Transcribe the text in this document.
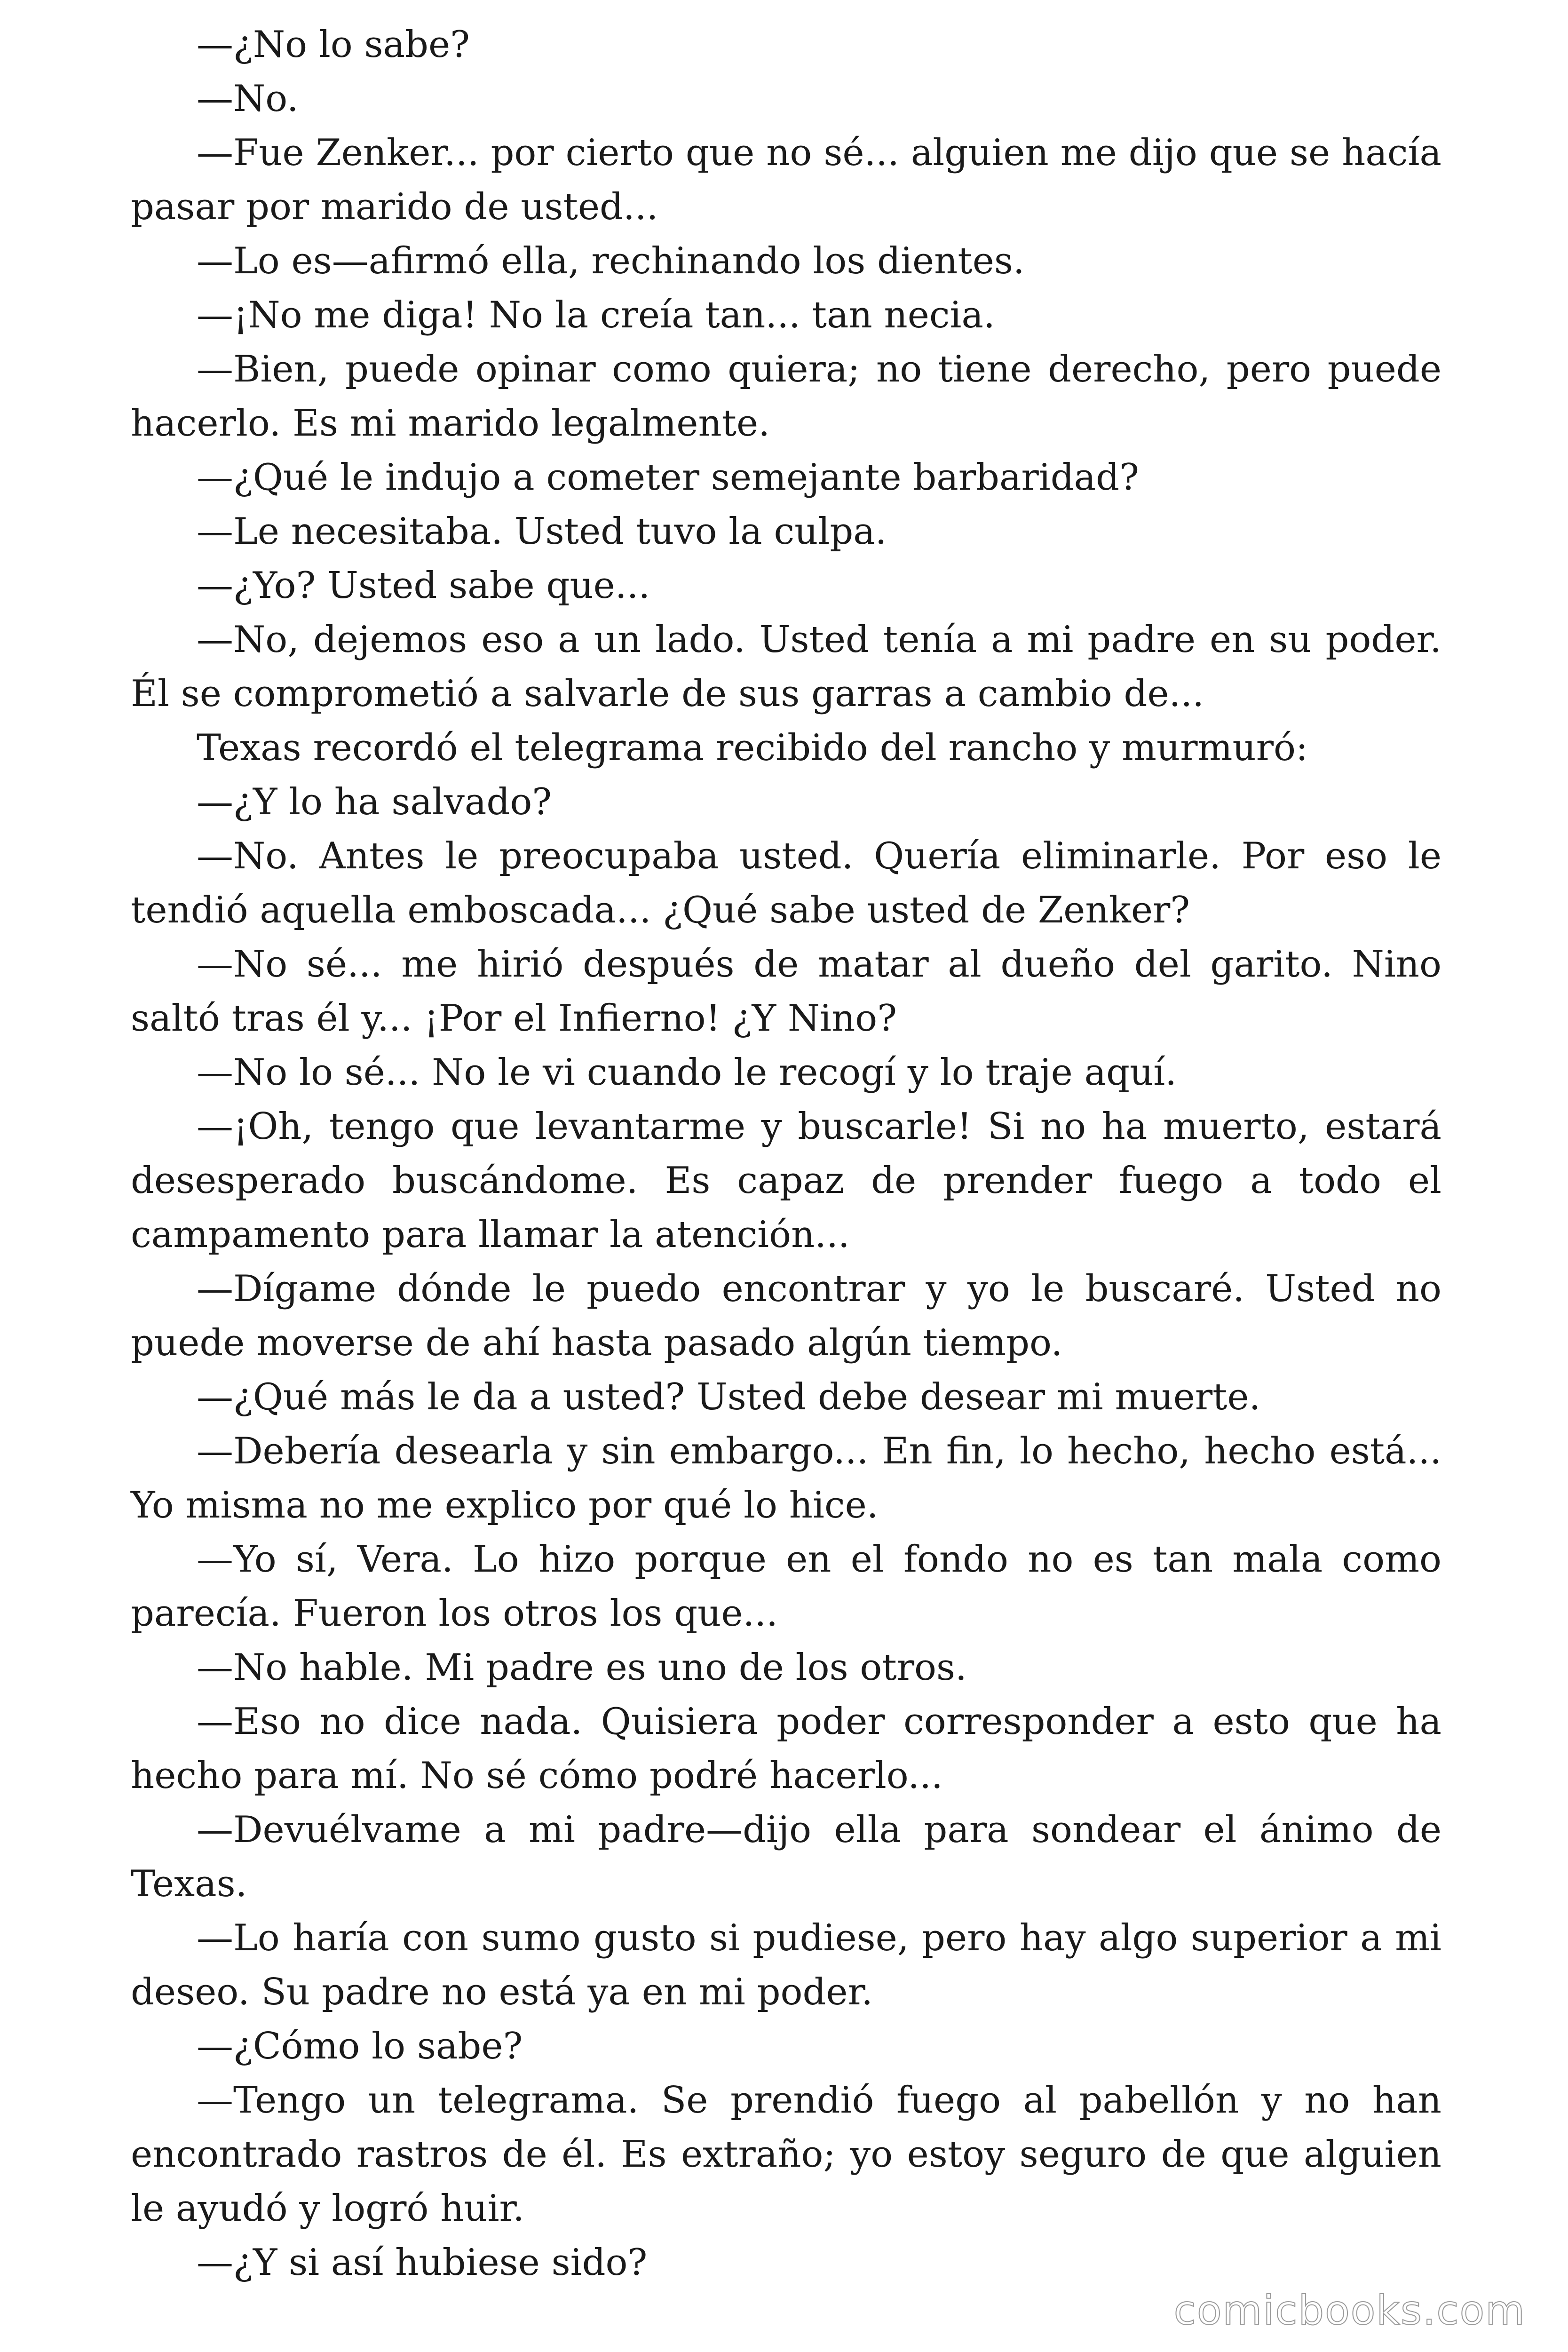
—¿No lo sabe?

—No.

—Fue Zenker... por cierto que no sé... alguien me dijo que se hacía pasar por marido de usted...

—Lo es—afirmó ella, rechinando los dientes.

—¡No me diga! No la creía tan... tan necia.

—Bien, puede opinar como quiera; no tiene derecho, pero puede hacerlo. Es mi marido legalmente.

—¿Qué le indujo a cometer semejante barbaridad?

—Le necesitaba. Usted tuvo la culpa.

—¿Yo? Usted sabe que...

—No, dejemos eso a un lado. Usted tenía a mi padre en su poder. Él se comprometió a salvarle de sus garras a cambio de...

Texas recordó el telegrama recibido del rancho y murmuró:

—¿Y lo ha salvado?

—No. Antes le preocupaba usted. Quería eliminarle. Por eso le tendió aquella emboscada... ¿Qué sabe usted de Zenker?

—No sé... me hirió después de matar al dueño del garito. Nino saltó tras él y... ¡Por el Infierno! ¿Y Nino?

—No lo sé... No le vi cuando le recogí y lo traje aquí.

—¡Oh, tengo que levantarme y buscarle! Si no ha muerto, estará desesperado buscándome. Es capaz de prender fuego a todo el campamento para llamar la atención...

—Dígame dónde le puedo encontrar y yo le buscaré. Usted no puede moverse de ahí hasta pasado algún tiempo.

—¿Qué más le da a usted? Usted debe desear mi muerte.

—Debería desearla y sin embargo... En fin, lo hecho, hecho está... Yo misma no me explico por qué lo hice.

—Yo sí, Vera. Lo hizo porque en el fondo no es tan mala como parecía. Fueron los otros los que...

—No hable. Mi padre es uno de los otros.

—Eso no dice nada. Quisiera poder corresponder a esto que ha hecho para mí. No sé cómo podré hacerlo...

—Devuélvame a mi padre—dijo ella para sondear el ánimo de Texas.

—Lo haría con sumo gusto si pudiese, pero hay algo superior a mi deseo. Su padre no está ya en mi poder.

—¿Cómo lo sabe?

—Tengo un telegrama. Se prendió fuego al pabellón y no han encontrado rastros de él. Es extraño; yo estoy seguro de que alguien le ayudó y logró huir.

—¿Y si así hubiese sido?

comicbooks.com
